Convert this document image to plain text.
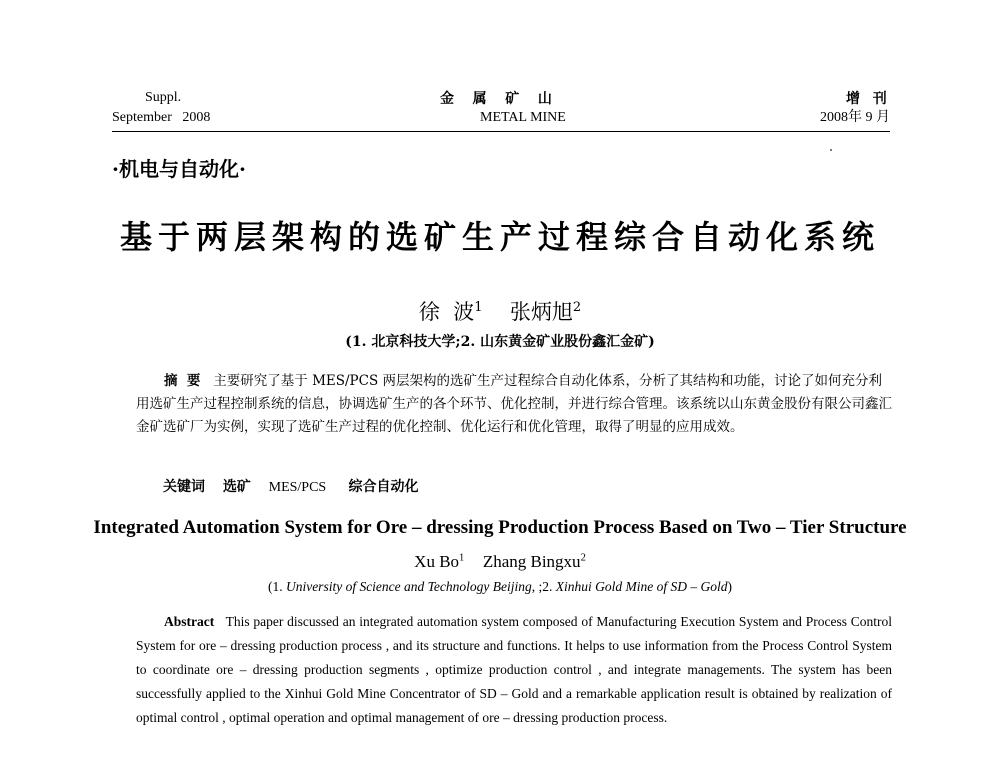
Suppl.
September   2008
金   属   矿   山
METAL MINE
增  刊
2008年 9 月
·机电与自动化·
基于两层架构的选矿生产过程综合自动化系统
徐  波$^1$ 张炳旭$^2$
(1. 北京科技大学;2. 山东黄金矿业股份鑫汇金矿)
摘  要 主要研究了基于 MES/PCS 两层架构的选矿生产过程综合自动化体系，分析了其结构和功能，讨论了如何充分利用选矿生产过程控制系统的信息，协调选矿生产的各个环节、优化控制，并进行综合管理。该系统以山东黄金股份有限公司鑫汇金矿选矿厂为实例，实现了选矿生产过程的优化控制、优化运行和优化管理，取得了明显的应用成效。
关键词 选矿 MES/PCS 综合自动化
Integrated Automation System for Ore – dressing Production Process Based on Two – Tier Structure
Xu Bo$^1$ Zhang Bingxu$^2$
(1. University of Science and Technology Beijing, ;2. Xinhui Gold Mine of SD – Gold)
Abstract This paper discussed an integrated automation system composed of Manufacturing Execution System and Process Control System for ore – dressing production process , and its structure and functions. It helps to use information from the Process Control System to coordinate ore – dressing production segments , optimize production control , and integrate managements. The system has been successfully applied to the Xinhui Gold Mine Concentrator of SD – Gold and a remarkable application result is obtained by realization of optimal control , optimal operation and optimal management of ore – dressing production process.
